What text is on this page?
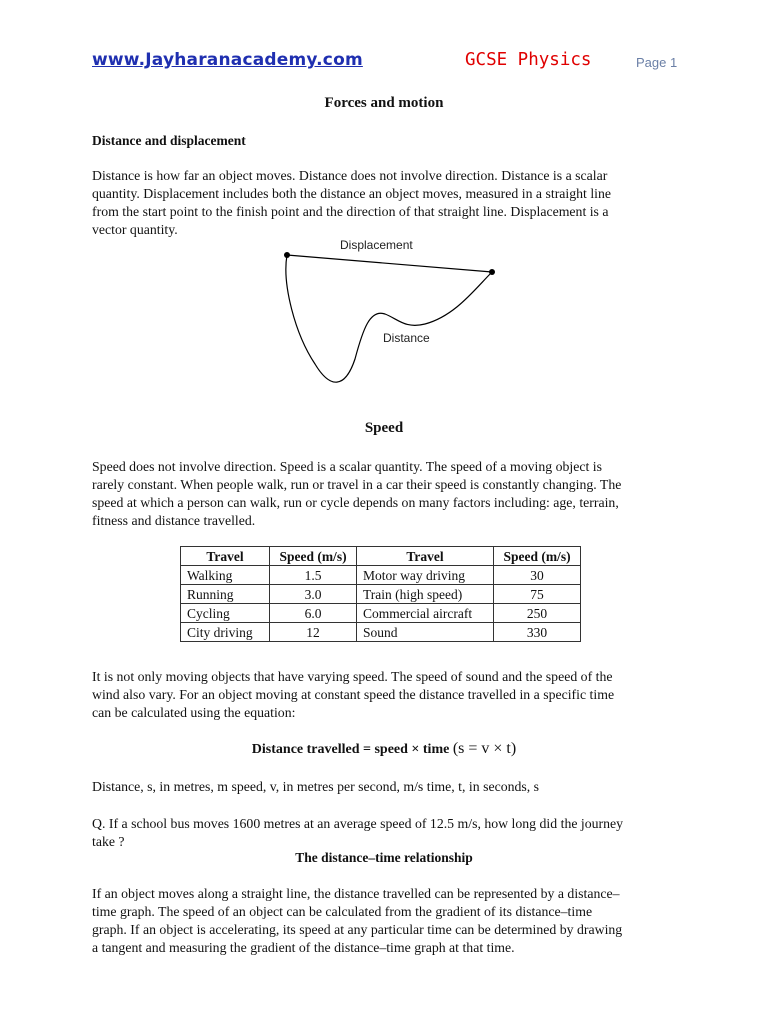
www.Jayharanacademy.com	GCSE Physics	Page 1
Forces and motion
Distance and displacement

Distance is how far an object moves. Distance does not involve direction. Distance is a scalar

quantity. Displacement includes both the distance an object moves, measured in a straight line

from the start point to the finish point and the direction of that straight line. Displacement is a

vector quantity.

Displacement
Distance
Speed

Speed does not involve direction. Speed is a scalar quantity. The speed of a moving object is

rarely constant. When people walk, run or travel in a car their speed is constantly changing. The

speed at which a person can walk, run or cycle depends on many factors including: age, terrain,

fitness and distance travelled.

Travel	Speed (m/s)	Travel	Speed (m/s)
Walking	1.5	Motor way driving	30
Running	3.0	Train (high speed)	75
Cycling	6.0	Commercial aircraft	250
City driving	12	Sound	330

It is not only moving objects that have varying speed. The speed of sound and the speed of the

wind also vary. For an object moving at constant speed the distance travelled in a specific time

can be calculated using the equation:

Distance travelled = speed × time (s = v × t)

Distance, s, in metres, m speed, v, in metres per second, m/s time, t, in seconds, s

Q. If a school bus moves 1600 metres at an average speed of 12.5 m/s, how long did the journey

take ?

The distance–time relationship

If an object moves along a straight line, the distance travelled can be represented by a distance–

time graph. The speed of an object can be calculated from the gradient of its distance–time

graph. If an object is accelerating, its speed at any particular time can be determined by drawing

a tangent and measuring the gradient of the distance–time graph at that time.
